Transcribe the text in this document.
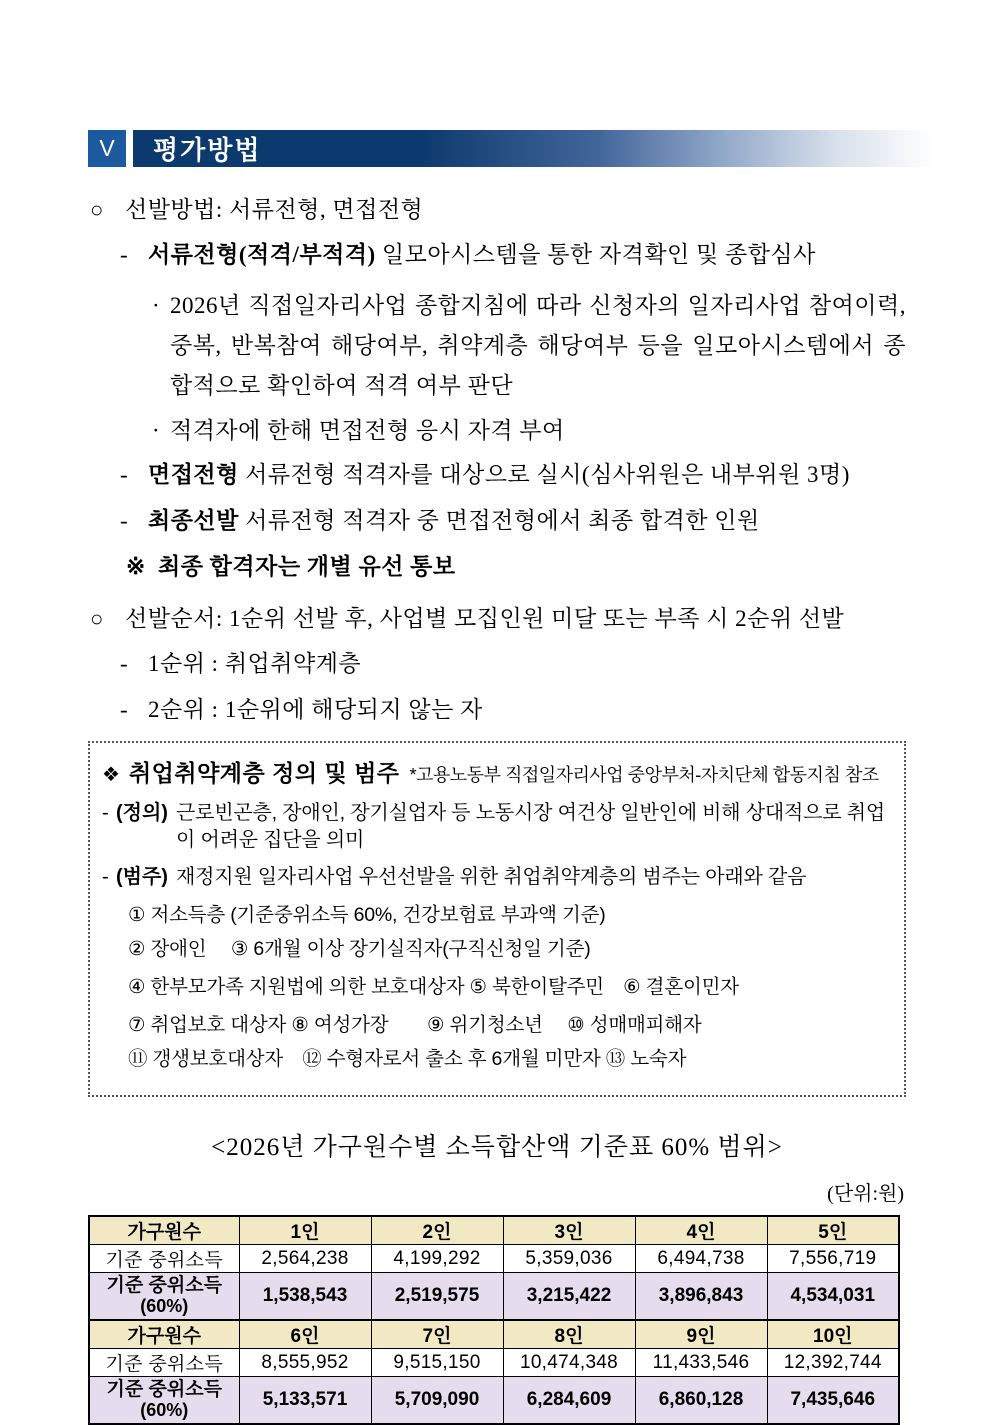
V	평가방법
○ 선발방법: 서류전형, 면접전형
- 서류전형(적격/부적격) 일모아시스템을 통한 자격확인 및 종합심사
· 2026년 직접일자리사업 종합지침에 따라 신청자의 일자리사업 참여이력, 중복, 반복참여 해당여부, 취약계층 해당여부 등을 일모아시스템에서 종합적으로 확인하여 적격 여부 판단
· 적격자에 한해 면접전형 응시 자격 부여
- 면접전형 서류전형 적격자를 대상으로 실시(심사위원은 내부위원 3명)
- 최종선발 서류전형 적격자 중 면접전형에서 최종 합격한 인원
※ 최종 합격자는 개별 유선 통보
○ 선발순서: 1순위 선발 후, 사업별 모집인원 미달 또는 부족 시 2순위 선발
- 1순위 : 취업취약계층
- 2순위 : 1순위에 해당되지 않는 자
❖ 취업취약계층 정의 및 범주 *고용노동부 직접일자리사업 중앙부처-자치단체 합동지침 참조
- (정의) 근로빈곤층, 장애인, 장기실업자 등 노동시장 여건상 일반인에 비해 상대적으로 취업이 어려운 집단을 의미
- (범주) 재정지원 일자리사업 우선선발을 위한 취업취약계층의 범주는 아래와 같음
① 저소득층 (기준중위소득 60%, 건강보험료 부과액 기준)
② 장애인　 ③ 6개월 이상 장기실직자(구직신청일 기준)
④ 한부모가족 지원법에 의한 보호대상자 ⑤ 북한이탈주민　⑥ 결혼이민자
⑦ 취업보호 대상자 ⑧ 여성가장　　⑨ 위기청소년　 ⑩ 성매매피해자
⑪ 갱생보호대상자　⑫ 수형자로서 출소 후 6개월 미만자 ⑬ 노숙자
<2026년 가구원수별 소득합산액 기준표 60% 범위>
(단위:원)
가구원수	1인	2인	3인	4인	5인
기준 중위소득	2,564,238	4,199,292	5,359,036	6,494,738	7,556,719

기준 중위소득
(60%)	1,538,543	2,519,575	3,215,422	3,896,843	4,534,031
가구원수	6인	7인	8인	9인	10인
기준 중위소득	8,555,952	9,515,150	10,474,348	11,433,546	12,392,744

기준 중위소득
(60%)	5,133,571	5,709,090	6,284,609	6,860,128	7,435,646
